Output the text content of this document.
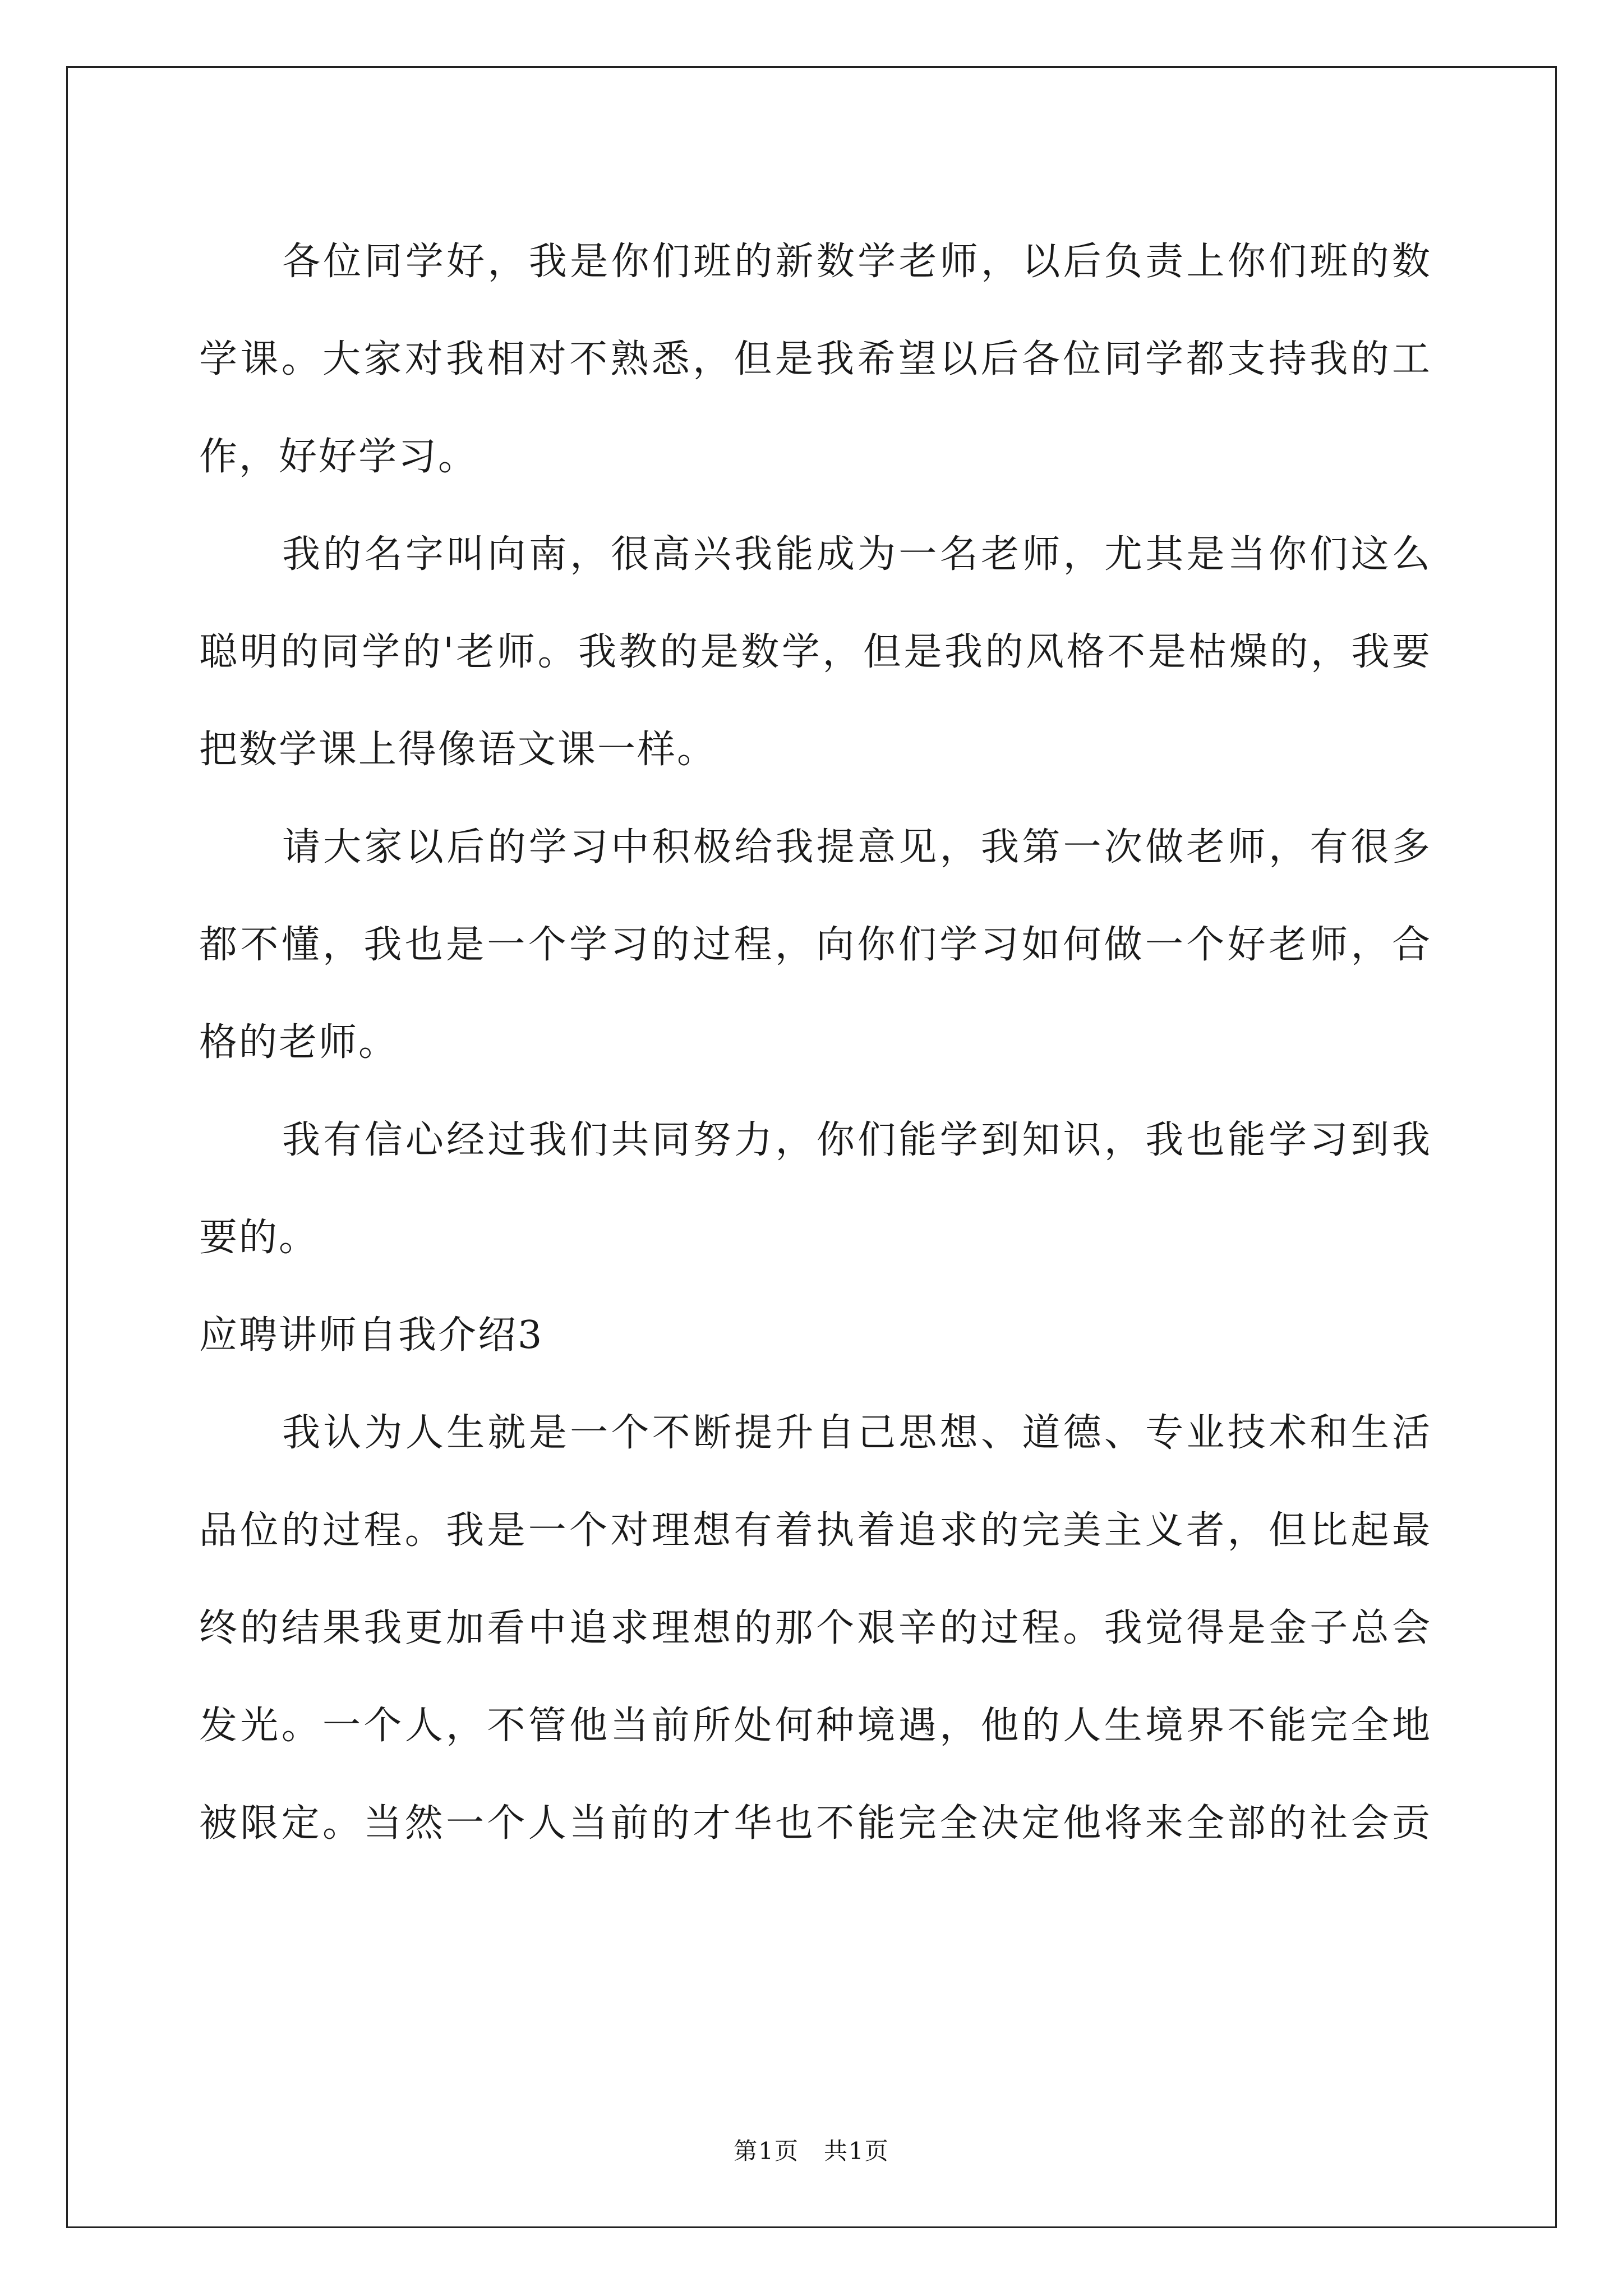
各位同学好，我是你们班的新数学老师，以后负责上你们班的数
学课。大家对我相对不熟悉，但是我希望以后各位同学都支持我的工
作，好好学习。
我的名字叫向南，很高兴我能成为一名老师，尤其是当你们这么
聪明的同学的'老师。我教的是数学，但是我的风格不是枯燥的，我要
把数学课上得像语文课一样。
请大家以后的学习中积极给我提意见，我第一次做老师，有很多
都不懂，我也是一个学习的过程，向你们学习如何做一个好老师，合
格的老师。
我有信心经过我们共同努力，你们能学到知识，我也能学习到我
要的。
应聘讲师自我介绍3
我认为人生就是一个不断提升自己思想、道德、专业技术和生活
品位的过程。我是一个对理想有着执着追求的完美主义者，但比起最
终的结果我更加看中追求理想的那个艰辛的过程。我觉得是金子总会
发光。一个人，不管他当前所处何种境遇，他的人生境界不能完全地
被限定。当然一个人当前的才华也不能完全决定他将来全部的社会贡
第1页　共1页
